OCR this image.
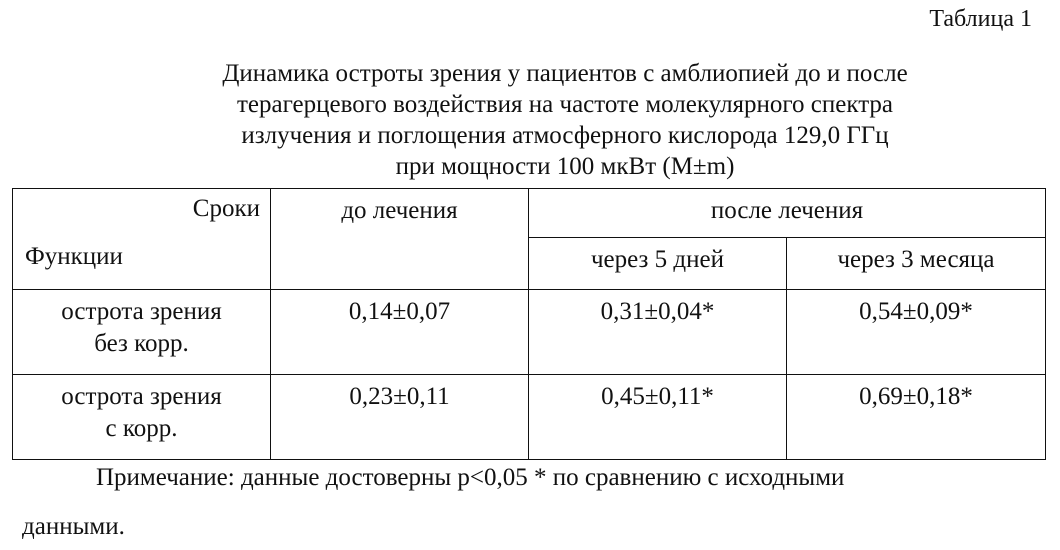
Таблица 1
Динамика остроты зрения у пациентов с амблиопией до и после
терагерцевого воздействия на частоте молекулярного спектра
излучения и поглощения атмосферного кислорода 129,0 ГГц
при мощности 100 мкВт (M±m)
Сроки
Функции	до лечения	после лечения	
		через 5 дней	через 3 месяца

острота зрения
без корр.	0,14±0,07	0,31±0,04*	0,54±0,09*

острота зрения
с корр.	0,23±0,11	0,45±0,11*	0,69±0,18*
Примечание: данные достоверны p<0,05 * по сравнению с исходными
данными.
